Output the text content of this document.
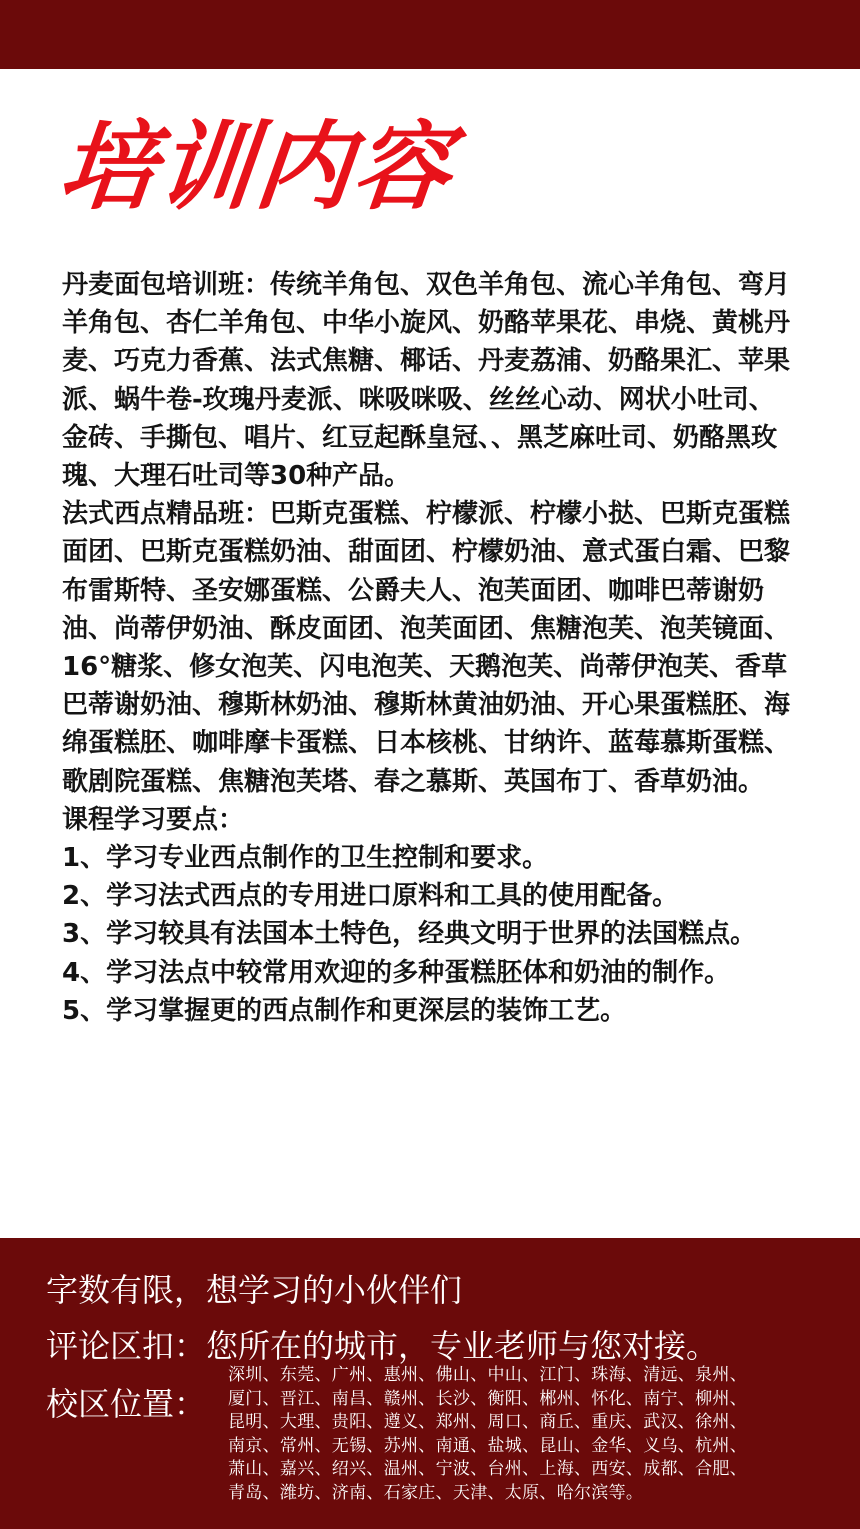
培训内容

丹麦面包培训班：传统羊角包、双色羊角包、流心羊角包、弯月羊角包、杏仁羊角包、中华小旋风、奶酪苹果花、串烧、黄桃丹麦、巧克力香蕉、法式焦糖、椰话、丹麦荔浦、奶酪果汇、苹果派、蜗牛卷-玫瑰丹麦派、咪吸咪吸、丝丝心动、网状小吐司、金砖、手撕包、唱片、红豆起酥皇冠、、黑芝麻吐司、奶酪黑玫瑰、大理石吐司等30种产品。

法式西点精品班：巴斯克蛋糕、柠檬派、柠檬小挞、巴斯克蛋糕面团、巴斯克蛋糕奶油、甜面团、柠檬奶油、意式蛋白霜、巴黎布雷斯特、圣安娜蛋糕、公爵夫人、泡芙面团、咖啡巴蒂谢奶油、尚蒂伊奶油、酥皮面团、泡芙面团、焦糖泡芙、泡芙镜面、16°糖浆、修女泡芙、闪电泡芙、天鹅泡芙、尚蒂伊泡芙、香草巴蒂谢奶油、穆斯林奶油、穆斯林黄油奶油、开心果蛋糕胚、海绵蛋糕胚、咖啡摩卡蛋糕、日本核桃、甘纳许、蓝莓慕斯蛋糕、歌剧院蛋糕、焦糖泡芙塔、春之慕斯、英国布丁、香草奶油。

课程学习要点：

1、学习专业西点制作的卫生控制和要求。

2、学习法式西点的专用进口原料和工具的使用配备。

3、学习较具有法国本土特色，经典文明于世界的法国糕点。

4、学习法点中较常用欢迎的多种蛋糕胚体和奶油的制作。

5、学习掌握更的西点制作和更深层的装饰工艺。

字数有限，想学习的小伙伴们
评论区扣：您所在的城市，专业老师与您对接。
校区位置：
深圳、东莞、广州、惠州、佛山、中山、江门、珠海、清远、泉州、
厦门、晋江、南昌、赣州、长沙、衡阳、郴州、怀化、南宁、柳州、
昆明、大理、贵阳、遵义、郑州、周口、商丘、重庆、武汉、徐州、
南京、常州、无锡、苏州、南通、盐城、昆山、金华、义乌、杭州、
萧山、嘉兴、绍兴、温州、宁波、台州、上海、西安、成都、合肥、
青岛、潍坊、济南、石家庄、天津、太原、哈尔滨等。
